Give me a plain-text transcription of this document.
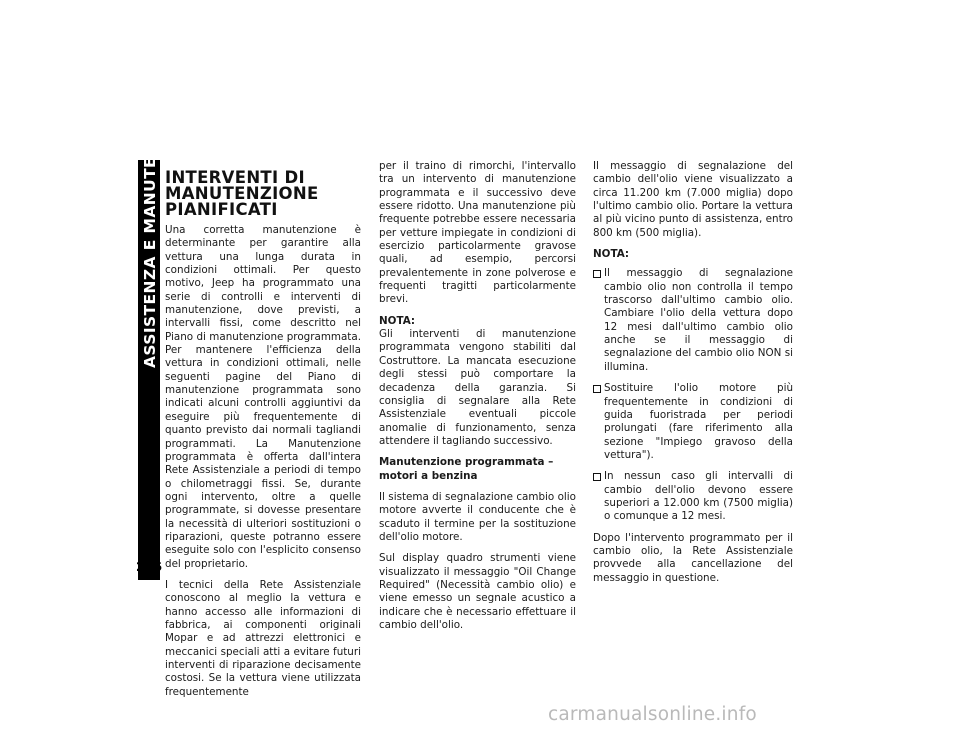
ASSISTENZA E MANUTENZIONE
236
INTERVENTI DI
MANUTENZIONE
PIANIFICATI

Una corretta manutenzione è determinante per garantire alla vettura una lunga durata in condizioni ottimali. Per questo motivo, Jeep ha programmato una serie di controlli e interventi di manutenzione, dove previsti, a intervalli fissi, come descritto nel Piano di manutenzione programmata. Per mantenere l'efficienza della vettura in condizioni ottimali, nelle seguenti pagine del Piano di manutenzione programmata sono indicati alcuni controlli aggiuntivi da eseguire più frequentemente di quanto previsto dai normali tagliandi programmati. La Manutenzione programmata è offerta dall'intera Rete Assistenziale a periodi di tempo o chilometraggi fissi. Se, durante ogni intervento, oltre a quelle programmate, si dovesse presentare la necessità di ulteriori sostituzioni o riparazioni, queste potranno essere eseguite solo con l'esplicito consenso del proprietario.

I tecnici della Rete Assistenziale conoscono al meglio la vettura e hanno accesso alle informazioni di fabbrica, ai componenti originali Mopar e ad attrezzi elettronici e meccanici speciali atti a evitare futuri interventi di riparazione decisamente costosi. Se la vettura viene utilizzata frequentemente

per il traino di rimorchi, l'intervallo tra un intervento di manutenzione programmata e il successivo deve essere ridotto. Una manutenzione più frequente potrebbe essere necessaria per vetture impiegate in condizioni di esercizio particolarmente gravose quali, ad esempio, percorsi prevalentemente in zone polverose e frequenti tragitti particolarmente brevi.

NOTA:
Gli interventi di manutenzione programmata vengono stabiliti dal Costruttore. La mancata esecuzione degli stessi può comportare la decadenza della garanzia. Si consiglia di segnalare alla Rete Assistenziale eventuali piccole anomalie di funzionamento, senza attendere il tagliando successivo.

Manutenzione programmata – motori a benzina

Il sistema di segnalazione cambio olio motore avverte il conducente che è scaduto il termine per la sostituzione dell'olio motore.

Sul display quadro strumenti viene visualizzato il messaggio "Oil Change Required" (Necessità cambio olio) e viene emesso un segnale acustico a indicare che è necessario effettuare il cambio dell'olio.

Il messaggio di segnalazione del cambio dell'olio viene visualizzato a circa 11.200 km (7.000 miglia) dopo l'ultimo cambio olio. Portare la vettura al più vicino punto di assistenza, entro 800 km (500 miglia).

NOTA:

Il messaggio di segnalazione cambio olio non controlla il tempo trascorso dall'ultimo cambio olio. Cambiare l'olio della vettura dopo 12 mesi dall'ultimo cambio olio anche se il messaggio di segnalazione del cambio olio NON si illumina.
Sostituire l'olio motore più frequentemente in condizioni di guida fuoristrada per periodi prolungati (fare riferimento alla sezione "Impiego gravoso della vettura").
In nessun caso gli intervalli di cambio dell'olio devono essere superiori a 12.000 km (7500 miglia) o comunque a 12 mesi.

Dopo l'intervento programmato per il cambio olio, la Rete Assistenziale provvede alla cancellazione del messaggio in questione.

carmanualsonline.info
